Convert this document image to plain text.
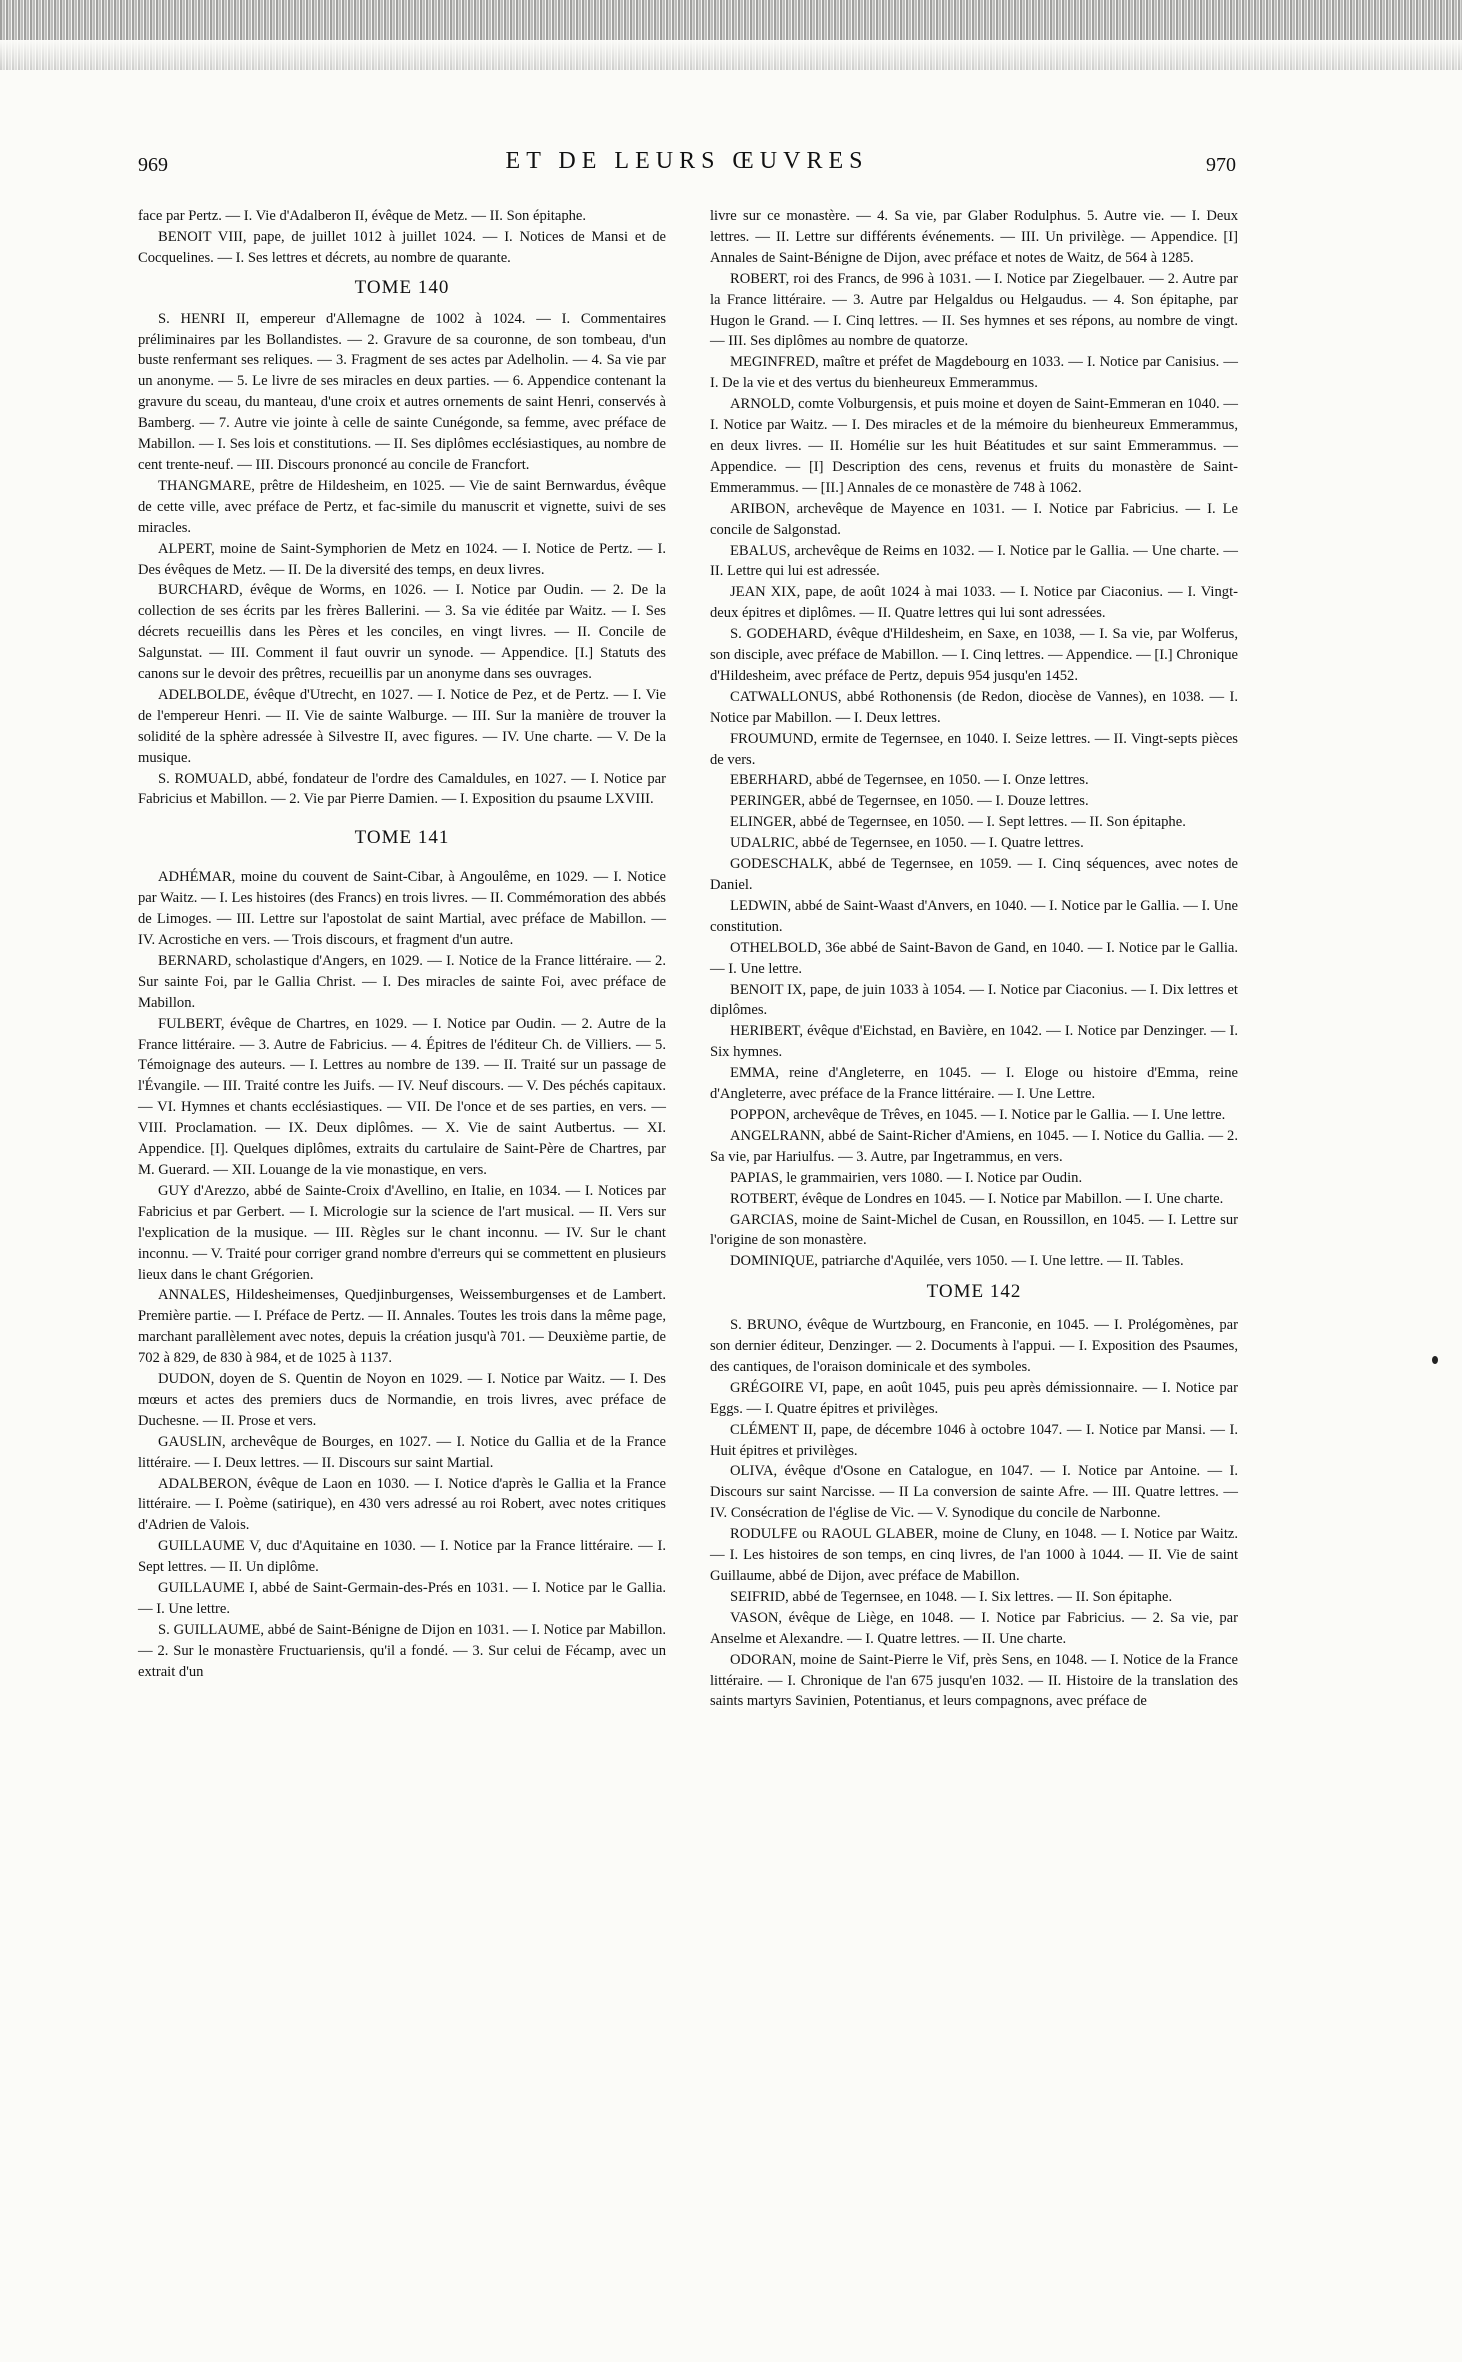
969	ET DE LEURS ŒUVRES	970

face par Pertz. — I. Vie d'Adalberon II, évêque de Metz. — II. Son épitaphe.

BENOIT VIII, pape, de juillet 1012 à juillet 1024. — I. Notices de Mansi et de Cocquelines. — I. Ses lettres et décrets, au nombre de quarante.

TOME 140

S. HENRI II, empereur d'Allemagne de 1002 à 1024. — I. Commentaires préliminaires par les Bollandistes. — 2. Gravure de sa couronne, de son tombeau, d'un buste renfermant ses reliques. — 3. Fragment de ses actes par Adelholin. — 4. Sa vie par un anonyme. — 5. Le livre de ses miracles en deux parties. — 6. Appendice contenant la gravure du sceau, du manteau, d'une croix et autres ornements de saint Henri, conservés à Bamberg. — 7. Autre vie jointe à celle de sainte Cunégonde, sa femme, avec préface de Mabillon. — I. Ses lois et constitutions. — II. Ses diplômes ecclésiastiques, au nombre de cent trente-neuf. — III. Discours prononcé au concile de Francfort.

THANGMARE, prêtre de Hildesheim, en 1025. — Vie de saint Bernwardus, évêque de cette ville, avec préface de Pertz, et fac-simile du manuscrit et vignette, suivi de ses miracles.

ALPERT, moine de Saint-Symphorien de Metz en 1024. — I. Notice de Pertz. — I. Des évêques de Metz. — II. De la diversité des temps, en deux livres.

BURCHARD, évêque de Worms, en 1026. — I. Notice par Oudin. — 2. De la collection de ses écrits par les frères Ballerini. — 3. Sa vie éditée par Waitz. — I. Ses décrets recueillis dans les Pères et les conciles, en vingt livres. — II. Concile de Salgunstat. — III. Comment il faut ouvrir un synode. — Appendice. [I.] Statuts des canons sur le devoir des prêtres, recueillis par un anonyme dans ses ouvrages.

ADELBOLDE, évêque d'Utrecht, en 1027. — I. Notice de Pez, et de Pertz. — I. Vie de l'empereur Henri. — II. Vie de sainte Walburge. — III. Sur la manière de trouver la solidité de la sphère adressée à Silvestre II, avec figures. — IV. Une charte. — V. De la musique.

S. ROMUALD, abbé, fondateur de l'ordre des Camaldules, en 1027. — I. Notice par Fabricius et Mabillon. — 2. Vie par Pierre Damien. — I. Exposition du psaume LXVIII.

TOME 141

ADHÉMAR, moine du couvent de Saint-Cibar, à Angoulême, en 1029. — I. Notice par Waitz. — I. Les histoires (des Francs) en trois livres. — II. Commémoration des abbés de Limoges. — III. Lettre sur l'apostolat de saint Martial, avec préface de Mabillon. — IV. Acrostiche en vers. — Trois discours, et fragment d'un autre.

BERNARD, scholastique d'Angers, en 1029. — I. Notice de la France littéraire. — 2. Sur sainte Foi, par le Gallia Christ. — I. Des miracles de sainte Foi, avec préface de Mabillon.

FULBERT, évêque de Chartres, en 1029. — I. Notice par Oudin. — 2. Autre de la France littéraire. — 3. Autre de Fabricius. — 4. Épitres de l'éditeur Ch. de Villiers. — 5. Témoignage des auteurs. — I. Lettres au nombre de 139. — II. Traité sur un passage de l'Évangile. — III. Traité contre les Juifs. — IV. Neuf discours. — V. Des péchés capitaux. — VI. Hymnes et chants ecclésiastiques. — VII. De l'once et de ses parties, en vers. — VIII. Proclamation. — IX. Deux diplômes. — X. Vie de saint Autbertus. — XI. Appendice. [I]. Quelques diplômes, extraits du cartulaire de Saint-Père de Chartres, par M. Guerard. — XII. Louange de la vie monastique, en vers.

GUY d'Arezzo, abbé de Sainte-Croix d'Avellino, en Italie, en 1034. — I. Notices par Fabricius et par Gerbert. — I. Micrologie sur la science de l'art musical. — II. Vers sur l'explication de la musique. — III. Règles sur le chant inconnu. — IV. Sur le chant inconnu. — V. Traité pour corriger grand nombre d'erreurs qui se commettent en plusieurs lieux dans le chant Grégorien.

ANNALES, Hildesheimenses, Quedjinburgenses, Weissemburgenses et de Lambert. Première partie. — I. Préface de Pertz. — II. Annales. Toutes les trois dans la même page, marchant parallèlement avec notes, depuis la création jusqu'à 701. — Deuxième partie, de 702 à 829, de 830 à 984, et de 1025 à 1137.

DUDON, doyen de S. Quentin de Noyon en 1029. — I. Notice par Waitz. — I. Des mœurs et actes des premiers ducs de Normandie, en trois livres, avec préface de Duchesne. — II. Prose et vers.

GAUSLIN, archevêque de Bourges, en 1027. — I. Notice du Gallia et de la France littéraire. — I. Deux lettres. — II. Discours sur saint Martial.

ADALBERON, évêque de Laon en 1030. — I. Notice d'après le Gallia et la France littéraire. — I. Poème (satirique), en 430 vers adressé au roi Robert, avec notes critiques d'Adrien de Valois.

GUILLAUME V, duc d'Aquitaine en 1030. — I. Notice par la France littéraire. — I. Sept lettres. — II. Un diplôme.

GUILLAUME I, abbé de Saint-Germain-des-Prés en 1031. — I. Notice par le Gallia. — I. Une lettre.

S. GUILLAUME, abbé de Saint-Bénigne de Dijon en 1031. — I. Notice par Mabillon. — 2. Sur le monastère Fructuariensis, qu'il a fondé. — 3. Sur celui de Fécamp, avec un extrait d'un

livre sur ce monastère. — 4. Sa vie, par Glaber Rodulphus. 5. Autre vie. — I. Deux lettres. — II. Lettre sur différents événements. — III. Un privilège. — Appendice. [I] Annales de Saint-Bénigne de Dijon, avec préface et notes de Waitz, de 564 à 1285.

ROBERT, roi des Francs, de 996 à 1031. — I. Notice par Ziegelbauer. — 2. Autre par la France littéraire. — 3. Autre par Helgaldus ou Helgaudus. — 4. Son épitaphe, par Hugon le Grand. — I. Cinq lettres. — II. Ses hymnes et ses répons, au nombre de vingt. — III. Ses diplômes au nombre de quatorze.

MEGINFRED, maître et préfet de Magdebourg en 1033. — I. Notice par Canisius. — I. De la vie et des vertus du bienheureux Emmerammus.

ARNOLD, comte Volburgensis, et puis moine et doyen de Saint-Emmeran en 1040. — I. Notice par Waitz. — I. Des miracles et de la mémoire du bienheureux Emmerammus, en deux livres. — II. Homélie sur les huit Béatitudes et sur saint Emmerammus. — Appendice. — [I] Description des cens, revenus et fruits du monastère de Saint-Emmerammus. — [II.] Annales de ce monastère de 748 à 1062.

ARIBON, archevêque de Mayence en 1031. — I. Notice par Fabricius. — I. Le concile de Salgonstad.

EBALUS, archevêque de Reims en 1032. — I. Notice par le Gallia. — Une charte. — II. Lettre qui lui est adressée.

JEAN XIX, pape, de août 1024 à mai 1033. — I. Notice par Ciaconius. — I. Vingt-deux épitres et diplômes. — II. Quatre lettres qui lui sont adressées.

S. GODEHARD, évêque d'Hildesheim, en Saxe, en 1038, — I. Sa vie, par Wolferus, son disciple, avec préface de Mabillon. — I. Cinq lettres. — Appendice. — [I.] Chronique d'Hildesheim, avec préface de Pertz, depuis 954 jusqu'en 1452.

CATWALLONUS, abbé Rothonensis (de Redon, diocèse de Vannes), en 1038. — I. Notice par Mabillon. — I. Deux lettres.

FROUMUND, ermite de Tegernsee, en 1040. I. Seize lettres. — II. Vingt-septs pièces de vers.

EBERHARD, abbé de Tegernsee, en 1050. — I. Onze lettres.

PERINGER, abbé de Tegernsee, en 1050. — I. Douze lettres.

ELINGER, abbé de Tegernsee, en 1050. — I. Sept lettres. — II. Son épitaphe.

UDALRIC, abbé de Tegernsee, en 1050. — I. Quatre lettres.

GODESCHALK, abbé de Tegernsee, en 1059. — I. Cinq séquences, avec notes de Daniel.

LEDWIN, abbé de Saint-Waast d'Anvers, en 1040. — I. Notice par le Gallia. — I. Une constitution.

OTHELBOLD, 36e abbé de Saint-Bavon de Gand, en 1040. — I. Notice par le Gallia. — I. Une lettre.

BENOIT IX, pape, de juin 1033 à 1054. — I. Notice par Ciaconius. — I. Dix lettres et diplômes.

HERIBERT, évêque d'Eichstad, en Bavière, en 1042. — I. Notice par Denzinger. — I. Six hymnes.

EMMA, reine d'Angleterre, en 1045. — I. Eloge ou histoire d'Emma, reine d'Angleterre, avec préface de la France littéraire. — I. Une Lettre.

POPPON, archevêque de Trêves, en 1045. — I. Notice par le Gallia. — I. Une lettre.

ANGELRANN, abbé de Saint-Richer d'Amiens, en 1045. — I. Notice du Gallia. — 2. Sa vie, par Hariulfus. — 3. Autre, par Ingetrammus, en vers.

PAPIAS, le grammairien, vers 1080. — I. Notice par Oudin.

ROTBERT, évêque de Londres en 1045. — I. Notice par Mabillon. — I. Une charte.

GARCIAS, moine de Saint-Michel de Cusan, en Roussillon, en 1045. — I. Lettre sur l'origine de son monastère.

DOMINIQUE, patriarche d'Aquilée, vers 1050. — I. Une lettre. — II. Tables.

TOME 142

S. BRUNO, évêque de Wurtzbourg, en Franconie, en 1045. — I. Prolégomènes, par son dernier éditeur, Denzinger. — 2. Documents à l'appui. — I. Exposition des Psaumes, des cantiques, de l'oraison dominicale et des symboles.

GRÉGOIRE VI, pape, en août 1045, puis peu après démissionnaire. — I. Notice par Eggs. — I. Quatre épitres et privilèges.

CLÉMENT II, pape, de décembre 1046 à octobre 1047. — I. Notice par Mansi. — I. Huit épitres et privilèges.

OLIVA, évêque d'Osone en Catalogue, en 1047. — I. Notice par Antoine. — I. Discours sur saint Narcisse. — II La conversion de sainte Afre. — III. Quatre lettres. — IV. Consécration de l'église de Vic. — V. Synodique du concile de Narbonne.

RODULFE ou RAOUL GLABER, moine de Cluny, en 1048. — I. Notice par Waitz. — I. Les histoires de son temps, en cinq livres, de l'an 1000 à 1044. — II. Vie de saint Guillaume, abbé de Dijon, avec préface de Mabillon.

SEIFRID, abbé de Tegernsee, en 1048. — I. Six lettres. — II. Son épitaphe.

VASON, évêque de Liège, en 1048. — I. Notice par Fabricius. — 2. Sa vie, par Anselme et Alexandre. — I. Quatre lettres. — II. Une charte.

ODORAN, moine de Saint-Pierre le Vif, près Sens, en 1048. — I. Notice de la France littéraire. — I. Chronique de l'an 675 jusqu'en 1032. — II. Histoire de la translation des saints martyrs Savinien, Potentianus, et leurs compagnons, avec préface de
